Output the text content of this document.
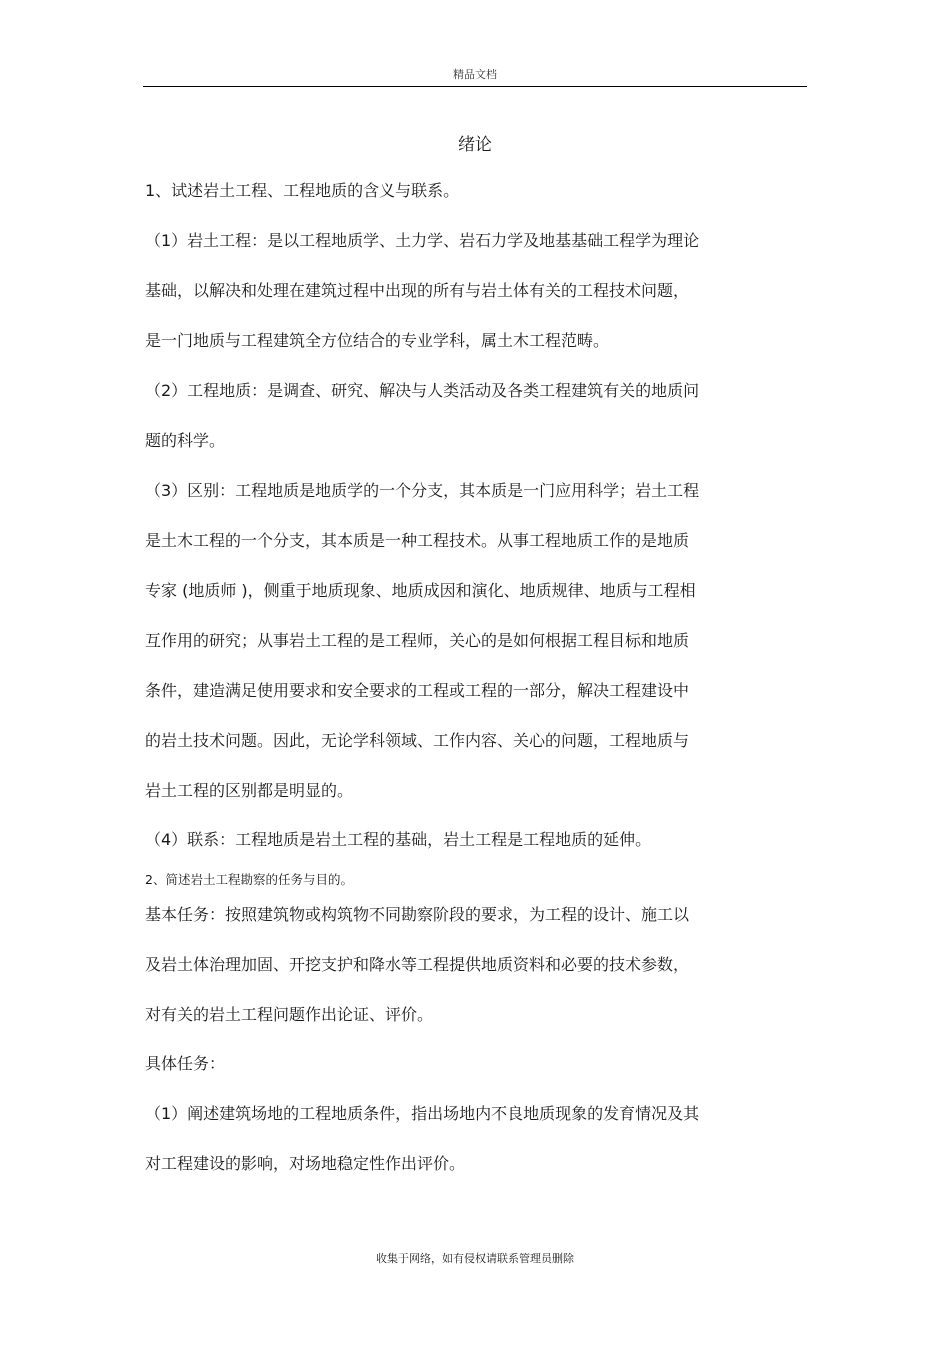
精品文档
绪论
1、试述岩土工程、工程地质的含义与联系。
（1）岩土工程：是以工程地质学、土力学、岩石力学及地基基础工程学为理论
基础，以解决和处理在建筑过程中出现的所有与岩土体有关的工程技术问题，
是一门地质与工程建筑全方位结合的专业学科，属土木工程范畴。
（2）工程地质：是调查、研究、解决与人类活动及各类工程建筑有关的地质问
题的科学。
（3）区别：工程地质是地质学的一个分支，其本质是一门应用科学；岩土工程
是土木工程的一个分支，其本质是一种工程技术。从事工程地质工作的是地质
专家 (地质师 )，侧重于地质现象、地质成因和演化、地质规律、地质与工程相
互作用的研究；从事岩土工程的是工程师，关心的是如何根据工程目标和地质
条件，建造满足使用要求和安全要求的工程或工程的一部分，解决工程建设中
的岩土技术问题。因此，无论学科领域、工作内容、关心的问题，工程地质与
岩土工程的区别都是明显的。
（4）联系：工程地质是岩土工程的基础，岩土工程是工程地质的延伸。
2、简述岩土工程勘察的任务与目的。
基本任务：按照建筑物或构筑物不同勘察阶段的要求，为工程的设计、施工以
及岩土体治理加固、开挖支护和降水等工程提供地质资料和必要的技术参数，
对有关的岩土工程问题作出论证、评价。
具体任务：
（1）阐述建筑场地的工程地质条件，指出场地内不良地质现象的发育情况及其
对工程建设的影响，对场地稳定性作出评价。
收集于网络，如有侵权请联系管理员删除
